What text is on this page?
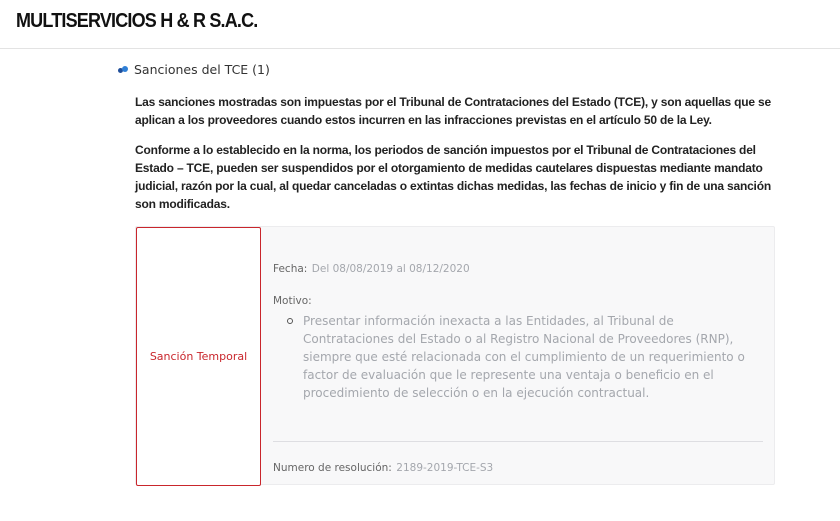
MULTISERVICIOS H & R S.A.C.
Sanciones del TCE (1)

Las sanciones mostradas son impuestas por el Tribunal de Contrataciones del Estado (TCE), y son aquellas que se aplican a los proveedores cuando estos incurren en las infracciones previstas en el artículo 50 de la Ley.

Conforme a lo establecido en la norma, los periodos de sanción impuestos por el Tribunal de Contrataciones del Estado – TCE, pueden ser suspendidos por el otorgamiento de medidas cautelares dispuestas mediante mandato judicial, razón por la cual, al quedar canceladas o extintas dichas medidas, las fechas de inicio y fin de una sanción son modificadas.

Sanción Temporal
Fecha: Del 08/08/2019 al 08/12/2020
Motivo:
Presentar información inexacta a las Entidades, al Tribunal de Contrataciones del Estado o al Registro Nacional de Proveedores (RNP), siempre que esté relacionada con el cumplimiento de un requerimiento o factor de evaluación que le represente una ventaja o beneficio en el procedimiento de selección o en la ejecución contractual.
Numero de resolución: 2189-2019-TCE-S3
